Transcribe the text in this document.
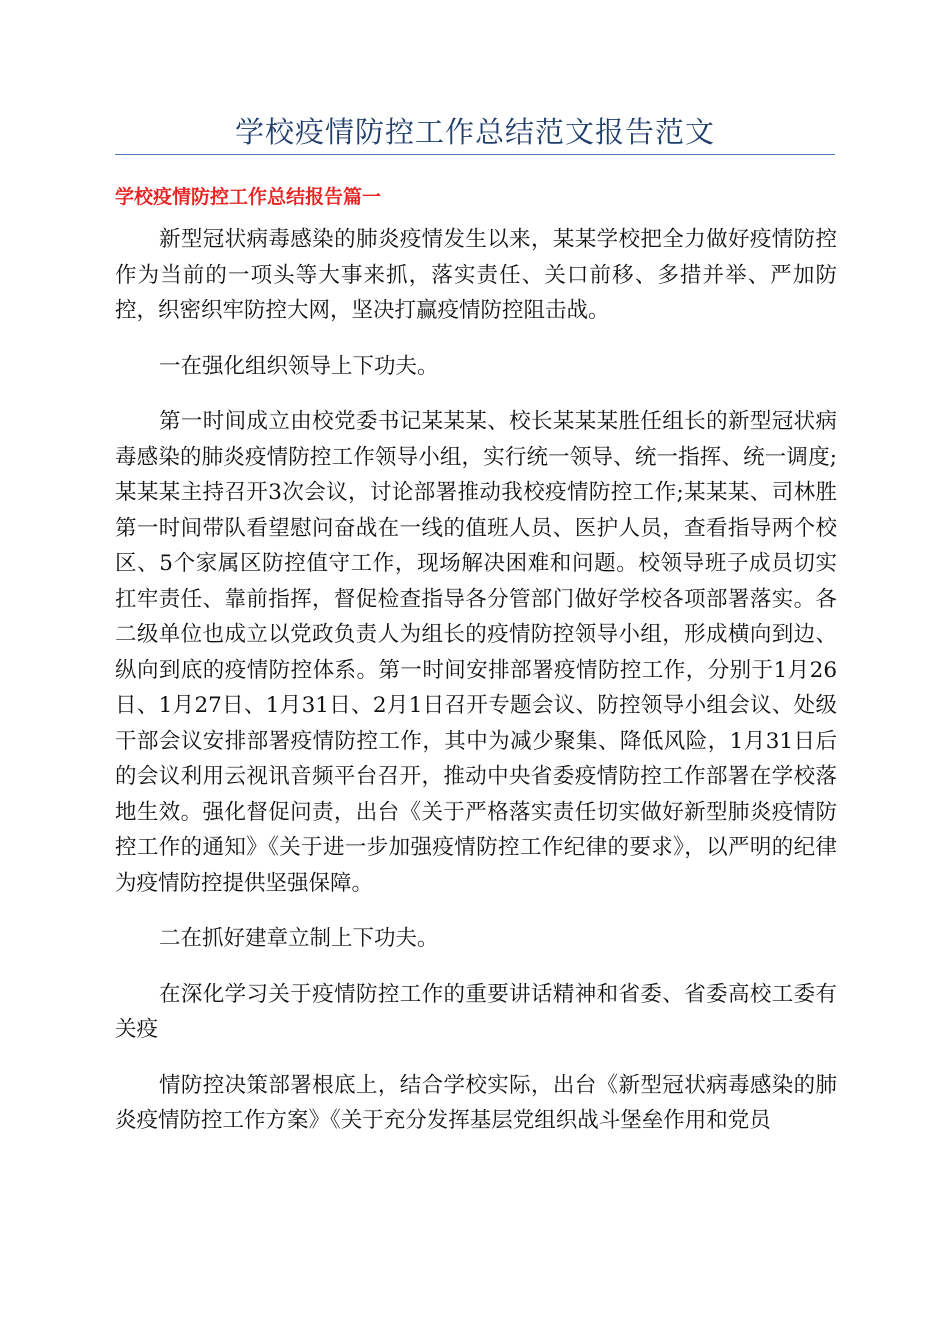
学校疫情防控工作总结范文报告范文
学校疫情防控工作总结报告篇一

新型冠状病毒感染的肺炎疫情发生以来，某某学校把全力做好疫情防控作为当前的一项头等大事来抓，落实责任、关口前移、多措并举、严加防控，织密织牢防控大网，坚决打赢疫情防控阻击战。

一在强化组织领导上下功夫。

第一时间成立由校党委书记某某某、校长某某某胜任组长的新型冠状病毒感染的肺炎疫情防控工作领导小组，实行统一领导、统一指挥、统一调度;某某某主持召开3次会议，讨论部署推动我校疫情防控工作;某某某、司林胜第一时间带队看望慰问奋战在一线的值班人员、医护人员，查看指导两个校区、5个家属区防控值守工作，现场解决困难和问题。校领导班子成员切实扛牢责任、靠前指挥，督促检查指导各分管部门做好学校各项部署落实。各二级单位也成立以党政负责人为组长的疫情防控领导小组，形成横向到边、纵向到底的疫情防控体系。第一时间安排部署疫情防控工作，分别于1月26日、1月27日、1月31日、2月1日召开专题会议、防控领导小组会议、处级干部会议安排部署疫情防控工作，其中为减少聚集、降低风险，1月31日后的会议利用云视讯音频平台召开，推动中央省委疫情防控工作部署在学校落地生效。强化督促问责，出台《关于严格落实责任切实做好新型肺炎疫情防控工作的通知》《关于进一步加强疫情防控工作纪律的要求》，以严明的纪律为疫情防控提供坚强保障。

二在抓好建章立制上下功夫。

在深化学习关于疫情防控工作的重要讲话精神和省委、省委高校工委有关疫

情防控决策部署根底上，结合学校实际，出台《新型冠状病毒感染的肺炎疫情防控工作方案》《关于充分发挥基层党组织战斗堡垒作用和党员
